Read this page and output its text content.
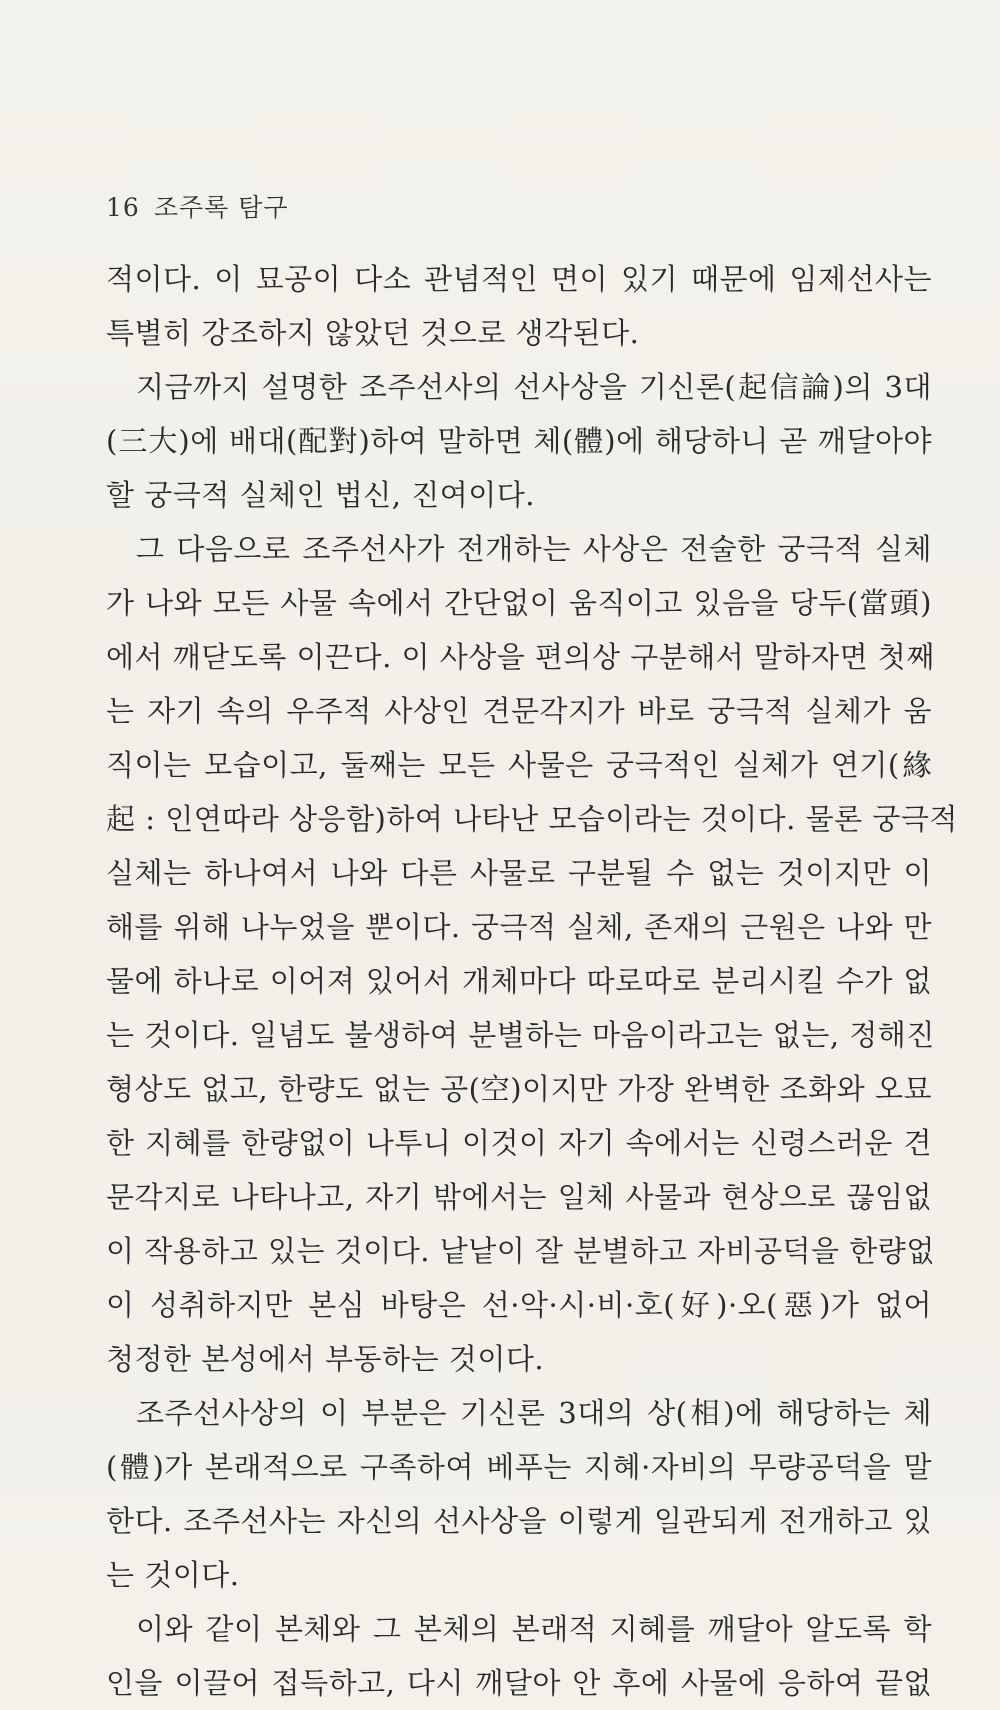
16 조주록 탐구
적이다. 이 묘공이 다소 관념적인 면이 있기 때문에 임제선사는
특별히 강조하지 않았던 것으로 생각된다.
지금까지 설명한 조주선사의 선사상을 기신론(起信論)의 3대
(三大)에 배대(配對)하여 말하면 체(體)에 해당하니 곧 깨달아야
할 궁극적 실체인 법신, 진여이다.
그 다음으로 조주선사가 전개하는 사상은 전술한 궁극적 실체
가 나와 모든 사물 속에서 간단없이 움직이고 있음을 당두(當頭)
에서 깨닫도록 이끈다. 이 사상을 편의상 구분해서 말하자면 첫째
는 자기 속의 우주적 사상인 견문각지가 바로 궁극적 실체가 움
직이는 모습이고, 둘째는 모든 사물은 궁극적인 실체가 연기(緣
起 : 인연따라 상응함)하여 나타난 모습이라는 것이다. 물론 궁극적
실체는 하나여서 나와 다른 사물로 구분될 수 없는 것이지만 이
해를 위해 나누었을 뿐이다. 궁극적 실체, 존재의 근원은 나와 만
물에 하나로 이어져 있어서 개체마다 따로따로 분리시킬 수가 없
는 것이다. 일념도 불생하여 분별하는 마음이라고는 없는, 정해진
형상도 없고, 한량도 없는 공(空)이지만 가장 완벽한 조화와 오묘
한 지혜를 한량없이 나투니 이것이 자기 속에서는 신령스러운 견
문각지로 나타나고, 자기 밖에서는 일체 사물과 현상으로 끊임없
이 작용하고 있는 것이다. 낱낱이 잘 분별하고 자비공덕을 한량없
이 성취하지만 본심 바탕은 선·악·시·비·호(好)·오(惡)가 없어
청정한 본성에서 부동하는 것이다.
조주선사상의 이 부분은 기신론 3대의 상(相)에 해당하는 체
(體)가 본래적으로 구족하여 베푸는 지혜·자비의 무량공덕을 말
한다. 조주선사는 자신의 선사상을 이렇게 일관되게 전개하고 있
는 것이다.
이와 같이 본체와 그 본체의 본래적 지혜를 깨달아 알도록 학
인을 이끌어 접득하고, 다시 깨달아 안 후에 사물에 응하여 끝없
